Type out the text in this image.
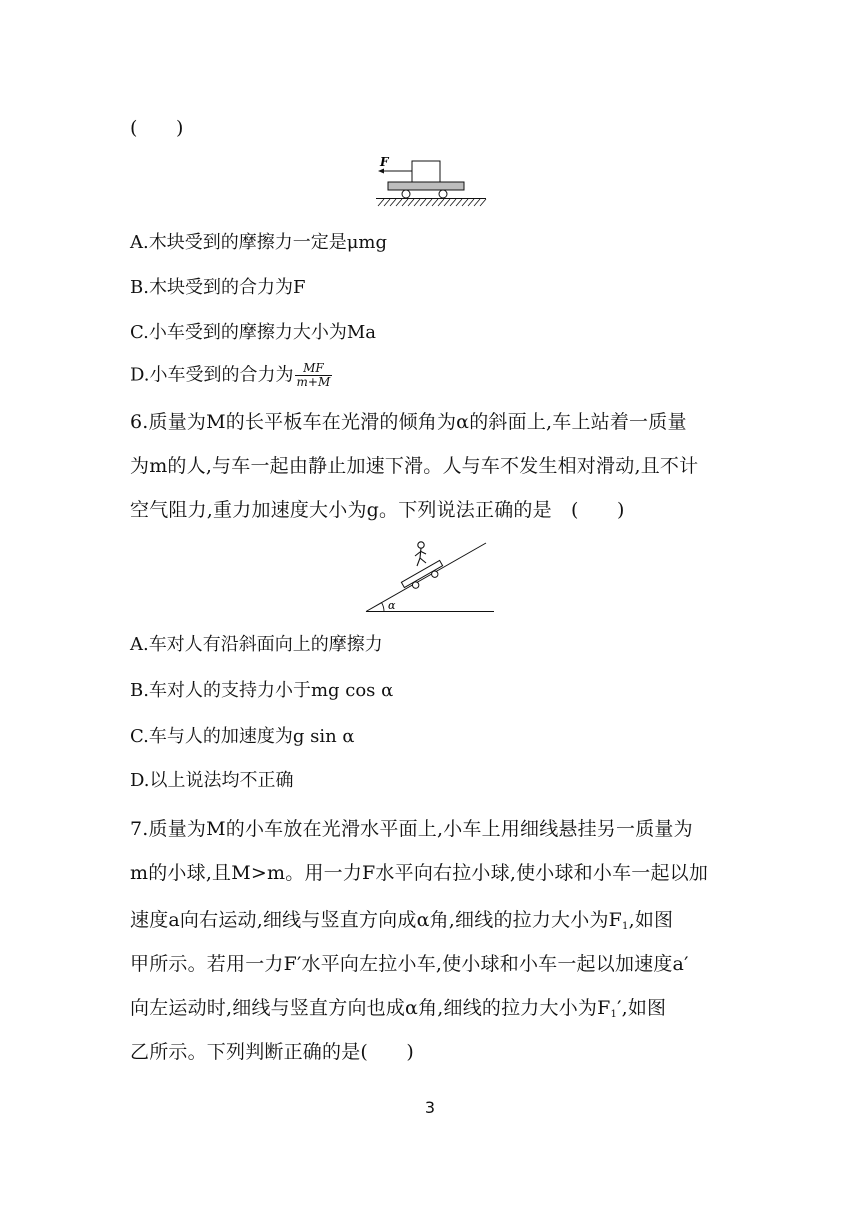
(　　)
F
A.木块受到的摩擦力一定是μmg
B.木块受到的合力为F
C.小车受到的摩擦力大小为Ma
D.小车受到的合力为 $\frac{MF}{m+M}$
6.质量为M的长平板车在光滑的倾角为α的斜面上,车上站着一质量
为m的人,与车一起由静止加速下滑。人与车不发生相对滑动,且不计
空气阻力,重力加速度大小为g。下列说法正确的是　(　　)
α
A.车对人有沿斜面向上的摩擦力
B.车对人的支持力小于mg cos α
C.车与人的加速度为g sin α
D.以上说法均不正确
7.质量为M的小车放在光滑水平面上,小车上用细线悬挂另一质量为
m的小球,且M>m。用一力F水平向右拉小球,使小球和小车一起以加
速度a向右运动,细线与竖直方向成α角,细线的拉力大小为$F_1$,如图
甲所示。若用一力F′水平向左拉小车,使小球和小车一起以加速度a′
向左运动时,细线与竖直方向也成α角,细线的拉力大小为$F_1'$,如图
乙所示。下列判断正确的是(　　)
3
